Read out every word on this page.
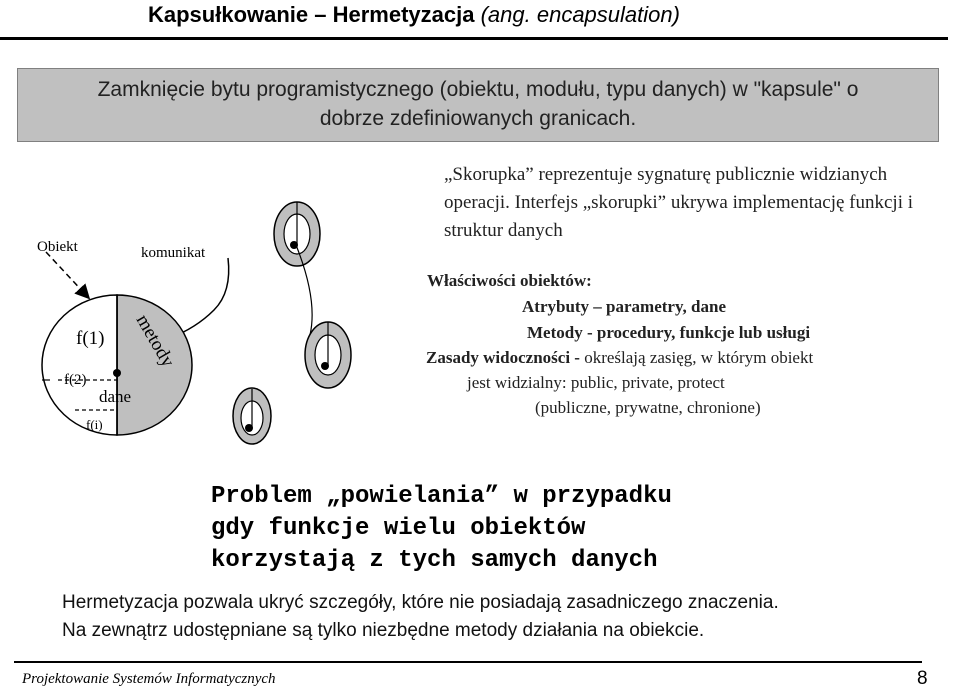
Kapsułkowanie – Hermetyzacja (ang. encapsulation)
Zamknięcie bytu programistycznego (obiektu, modułu, typu danych) w "kapsule" o
dobrze zdefiniowanych granicach.
„Skorupka” reprezentuje sygnaturę publicznie widzianych operacji. Interfejs „skorupki” ukrywa implementację funkcji i struktur danych
Obiekt	komunikat
f(1)
f(2)
f(i)
dane
metody
Właściwości obiektów:
Atrybuty – parametry, dane
Metody - procedury, funkcje lub usługi
Zasady widoczności - określają zasięg, w którym obiekt
jest widzialny: public, private, protect
(publiczne, prywatne, chronione)
Problem „powielania” w przypadku
gdy funkcje wielu obiektów
korzystają z tych samych danych
Hermetyzacja pozwala ukryć szczegóły, które nie posiadają zasadniczego znaczenia.
Na zewnątrz udostępniane są tylko niezbędne metody działania na obiekcie.
Projektowanie Systemów Informatycznych	8
